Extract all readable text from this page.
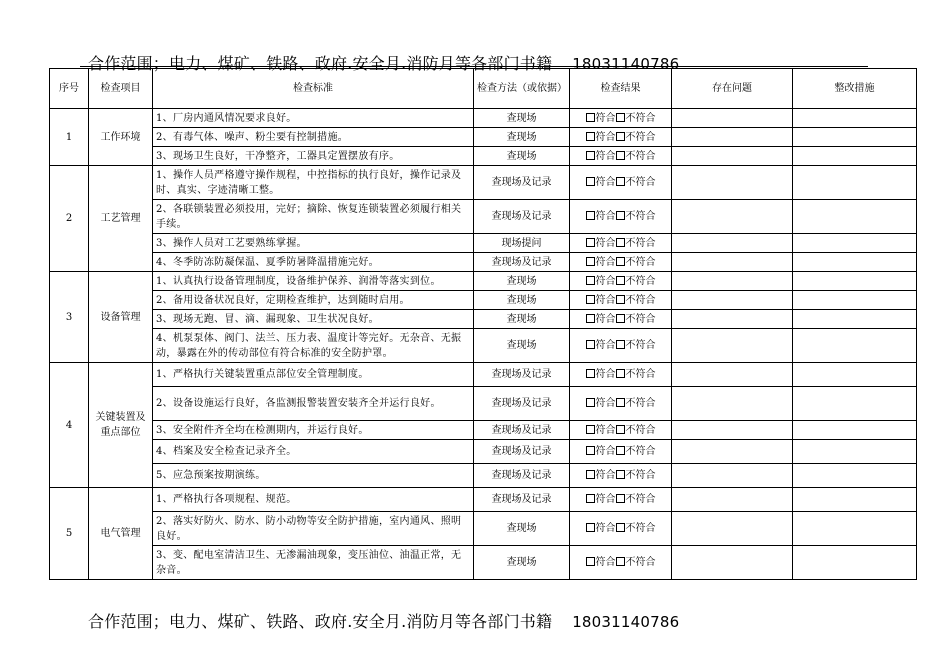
合作范围；电力、煤矿、铁路、政府.安全月.消防月等各部门书籍 18031140786
序号	检查项目	检查标准	检查方法（或依据）	检查结果	存在问题	整改措施
1	工作环境	1、厂房内通风情况要求良好。	查现场	符合 不符合		
		2、有毒气体、噪声、粉尘要有控制措施。	查现场	符合 不符合		
		3、现场卫生良好，干净整齐，工器具定置摆放有序。	查现场	符合 不符合		
2	工艺管理	1、操作人员严格遵守操作规程，中控指标的执行良好，操作记录及时、真实、字迹清晰工整。	查现场及记录	符合 不符合		
		2、各联锁装置必须投用，完好；摘除、恢复连锁装置必须履行相关手续。	查现场及记录	符合 不符合		
		3、操作人员对工艺要熟练掌握。	现场提问	符合 不符合		
		4、冬季防冻防凝保温、夏季防暑降温措施完好。	查现场及记录	符合 不符合		
3	设备管理	1、认真执行设备管理制度，设备维护保养、润滑等落实到位。	查现场	符合 不符合		
		2、备用设备状况良好，定期检查维护，达到随时启用。	查现场	符合 不符合		
		3、现场无跑、冒、滴、漏现象、卫生状况良好。	查现场	符合 不符合		
		4、机泵泵体、阀门、法兰、压力表、温度计等完好。无杂音、无振动，暴露在外的传动部位有符合标准的安全防护罩。	查现场	符合 不符合		
4	关键装置及重点部位	1、严格执行关键装置重点部位安全管理制度。	查现场及记录	符合 不符合		
		2、设备设施运行良好，各监测报警装置安装齐全并运行良好。	查现场及记录	符合 不符合		
		3、安全附件齐全均在检测期内，并运行良好。	查现场及记录	符合 不符合		
		4、档案及安全检查记录齐全。	查现场及记录	符合 不符合		
		5、应急预案按期演练。	查现场及记录	符合 不符合		
5	电气管理	1、严格执行各项规程、规范。	查现场及记录	符合 不符合		
		2、落实好防火、防水、防小动物等安全防护措施，室内通风、照明良好。	查现场	符合 不符合		
		3、变、配电室清洁卫生、无渗漏油现象，变压油位、油温正常，无杂音。	查现场	符合 不符合		
合作范围；电力、煤矿、铁路、政府.安全月.消防月等各部门书籍 18031140786
